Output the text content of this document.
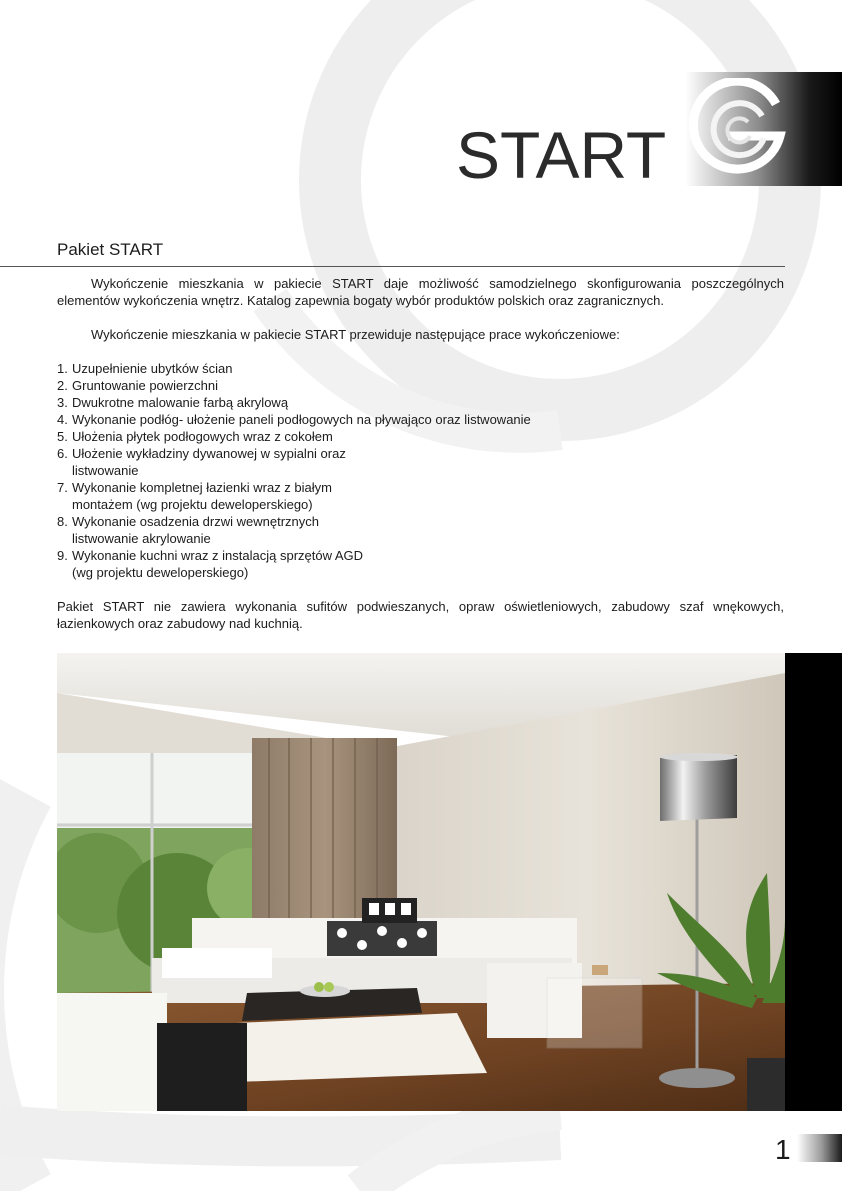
START
Pakiet START

Wykończenie mieszkania w pakiecie START daje możliwość samodzielnego skonfigurowania poszczególnych elementów wykończenia wnętrz. Katalog zapewnia bogaty wybór produktów polskich oraz zagranicznych.

Wykończenie mieszkania w pakiecie START przewiduje następujące prace wykończeniowe:

1. Uzupełnienie ubytków ścian
2. Gruntowanie powierzchni
3. Dwukrotne malowanie farbą akrylową
4. Wykonanie podłóg- ułożenie paneli podłogowych na pływająco oraz listwowanie
5. Ułożenia płytek podłogowych wraz z cokołem
6. Ułożenie wykładziny dywanowej w sypialni oraz
listwowanie
7. Wykonanie kompletnej łazienki wraz z białym
montażem (wg projektu deweloperskiego)
8. Wykonanie osadzenia drzwi wewnętrznych
listwowanie akrylowanie
9. Wykonanie kuchni wraz z instalacją sprzętów AGD
(wg projektu deweloperskiego)

Pakiet START nie zawiera wykonania sufitów podwieszanych, opraw oświetleniowych, zabudowy szaf wnękowych, łazienkowych oraz zabudowy nad kuchnią.

1
